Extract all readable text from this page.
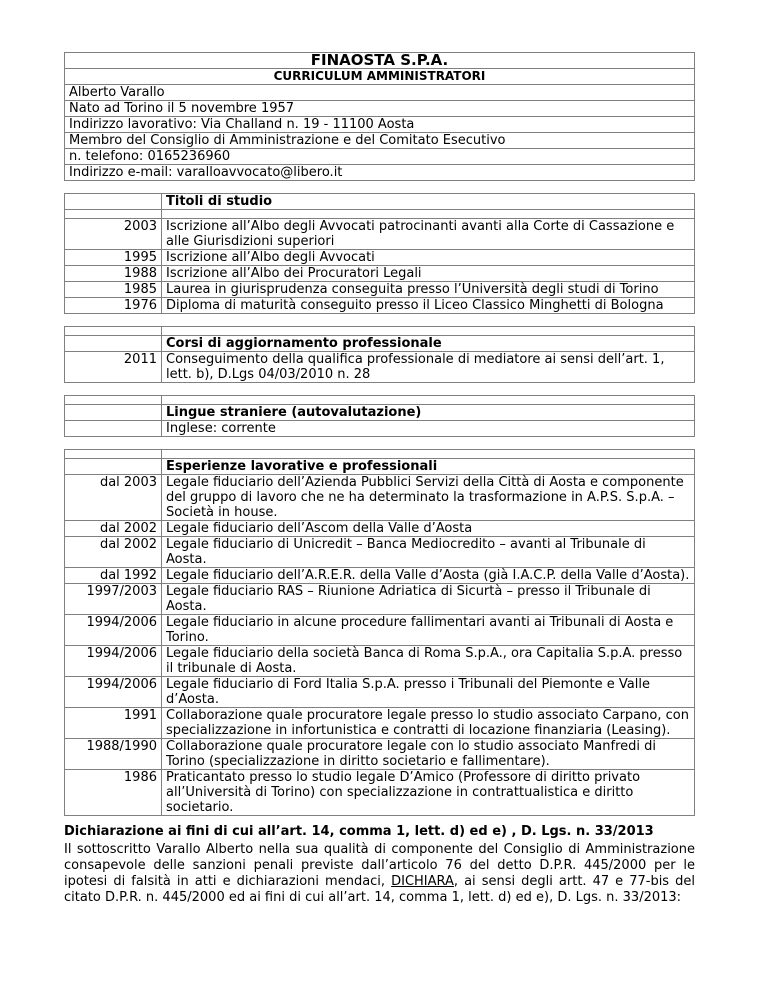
FINAOSTA S.P.A.
CURRICULUM AMMINISTRATORI
Alberto Varallo
Nato ad Torino il 5 novembre 1957
Indirizzo lavorativo: Via Challand n. 19 - 11100 Aosta
Membro del Consiglio di Amministrazione e del Comitato Esecutivo
n. telefono: 0165236960
Indirizzo e-mail: varalloavvocato@libero.it
	Titoli di studio

2003	Iscrizione all’Albo degli Avvocati patrocinanti avanti alla Corte di Cassazione e alle Giurisdizioni superiori
1995	Iscrizione all’Albo degli Avvocati
1988	Iscrizione all’Albo dei Procuratori Legali
1985	Laurea in giurisprudenza conseguita presso l’Università degli studi di Torino
1976	Diploma di maturità conseguito presso il Liceo Classico Minghetti di Bologna

	Corsi di aggiornamento professionale
2011	Conseguimento della qualifica professionale di mediatore ai sensi dell’art. 1, lett. b), D.Lgs 04/03/2010 n. 28

	Lingue straniere (autovalutazione)
	Inglese: corrente

	Esperienze lavorative e professionali
dal 2003	Legale fiduciario dell’Azienda Pubblici Servizi della Città di Aosta e componente del gruppo di lavoro che ne ha determinato la trasformazione in A.P.S. S.p.A. – Società in house.
dal 2002	Legale fiduciario dell’Ascom della Valle d’Aosta
dal 2002	Legale fiduciario di Unicredit – Banca Mediocredito – avanti al Tribunale di Aosta.
dal 1992	Legale fiduciario dell’A.R.E.R. della Valle d’Aosta (già I.A.C.P. della Valle d’Aosta).
1997/2003	Legale fiduciario RAS – Riunione Adriatica di Sicurtà – presso il Tribunale di Aosta.
1994/2006	Legale fiduciario in alcune procedure fallimentari avanti ai Tribunali di Aosta e Torino.
1994/2006	Legale fiduciario della società Banca di Roma S.p.A., ora Capitalia S.p.A. presso il tribunale di Aosta.
1994/2006	Legale fiduciario di Ford Italia S.p.A. presso i Tribunali del Piemonte e Valle d’Aosta.
1991	Collaborazione quale procuratore legale presso lo studio associato Carpano, con specializzazione in infortunistica e contratti di locazione finanziaria (Leasing).
1988/1990	Collaborazione quale procuratore legale con lo studio associato Manfredi di Torino (specializzazione in diritto societario e fallimentare).
1986	Praticantato presso lo studio legale D’Amico (Professore di diritto privato all’Università di Torino) con specializzazione in contrattualistica e diritto societario.
Dichiarazione ai fini di cui all’art. 14, comma 1, lett. d) ed e) , D. Lgs. n. 33/2013
Il sottoscritto Varallo Alberto nella sua qualità di componente del Consiglio di Amministrazione consapevole delle sanzioni penali previste dall’articolo 76 del detto D.P.R. 445/2000 per le ipotesi di falsità in atti e dichiarazioni mendaci, DICHIARA, ai sensi degli artt. 47 e 77-bis del citato D.P.R. n. 445/2000 ed ai fini di cui all’art. 14, comma 1, lett. d) ed e), D. Lgs. n. 33/2013:
